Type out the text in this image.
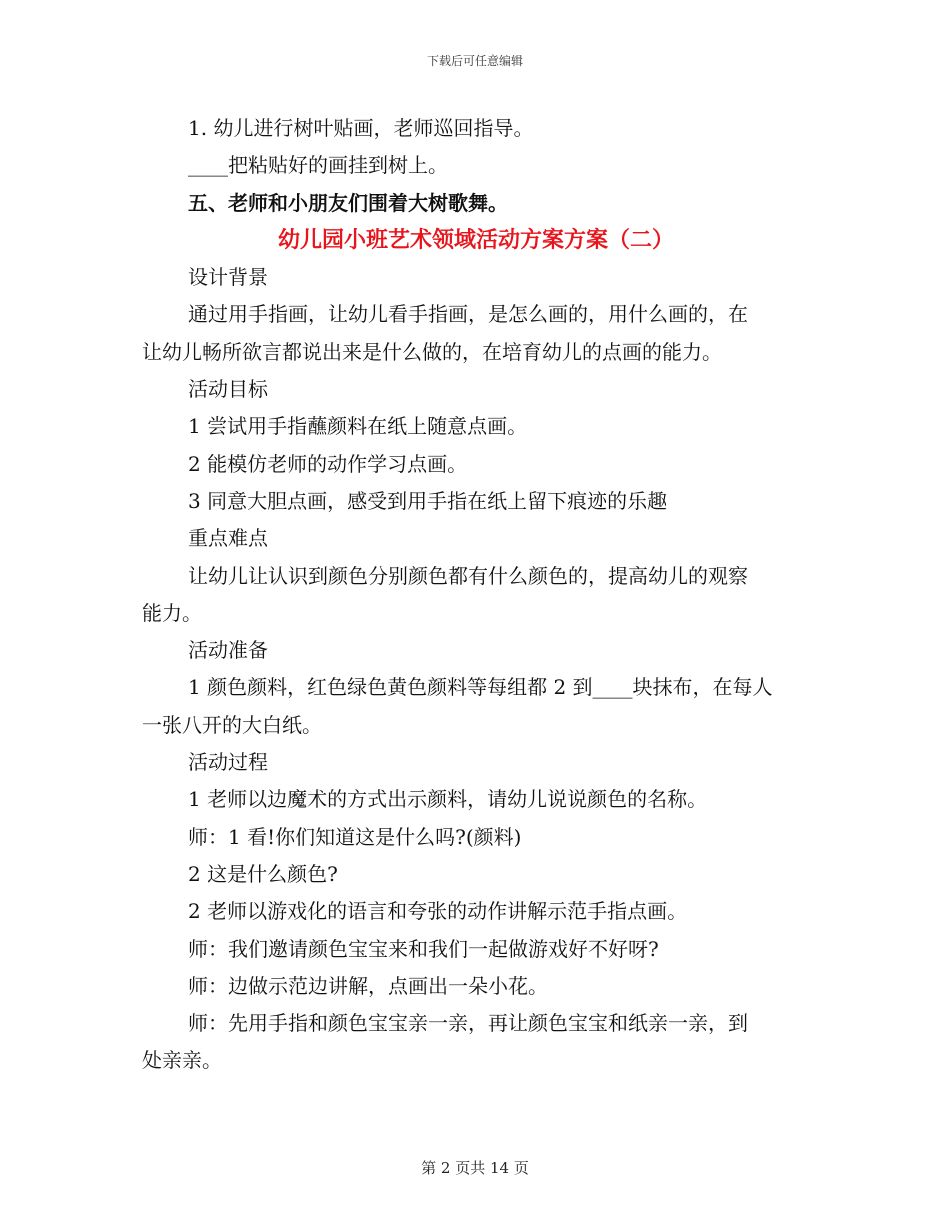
下载后可任意编辑
1. 幼儿进行树叶贴画，老师巡回指导。
____把粘贴好的画挂到树上。
五、老师和小朋友们围着大树歌舞。
幼儿园小班艺术领域活动方案方案（二）
设计背景
通过用手指画，让幼儿看手指画，是怎么画的，用什么画的，在
让幼儿畅所欲言都说出来是什么做的，在培育幼儿的点画的能力。
活动目标
1 尝试用手指蘸颜料在纸上随意点画。
2 能模仿老师的动作学习点画。
3 同意大胆点画，感受到用手指在纸上留下痕迹的乐趣
重点难点
让幼儿让认识到颜色分别颜色都有什么颜色的，提高幼儿的观察
能力。
活动准备
1 颜色颜料，红色绿色黄色颜料等每组都 2 到____块抹布，在每人
一张八开的大白纸。
活动过程
1 老师以边魔术的方式出示颜料，请幼儿说说颜色的名称。
师：1 看!你们知道这是什么吗?(颜料)
2 这是什么颜色?
2 老师以游戏化的语言和夸张的动作讲解示范手指点画。
师：我们邀请颜色宝宝来和我们一起做游戏好不好呀?
师：边做示范边讲解，点画出一朵小花。
师：先用手指和颜色宝宝亲一亲，再让颜色宝宝和纸亲一亲，到
处亲亲。
第 2 页共 14 页
